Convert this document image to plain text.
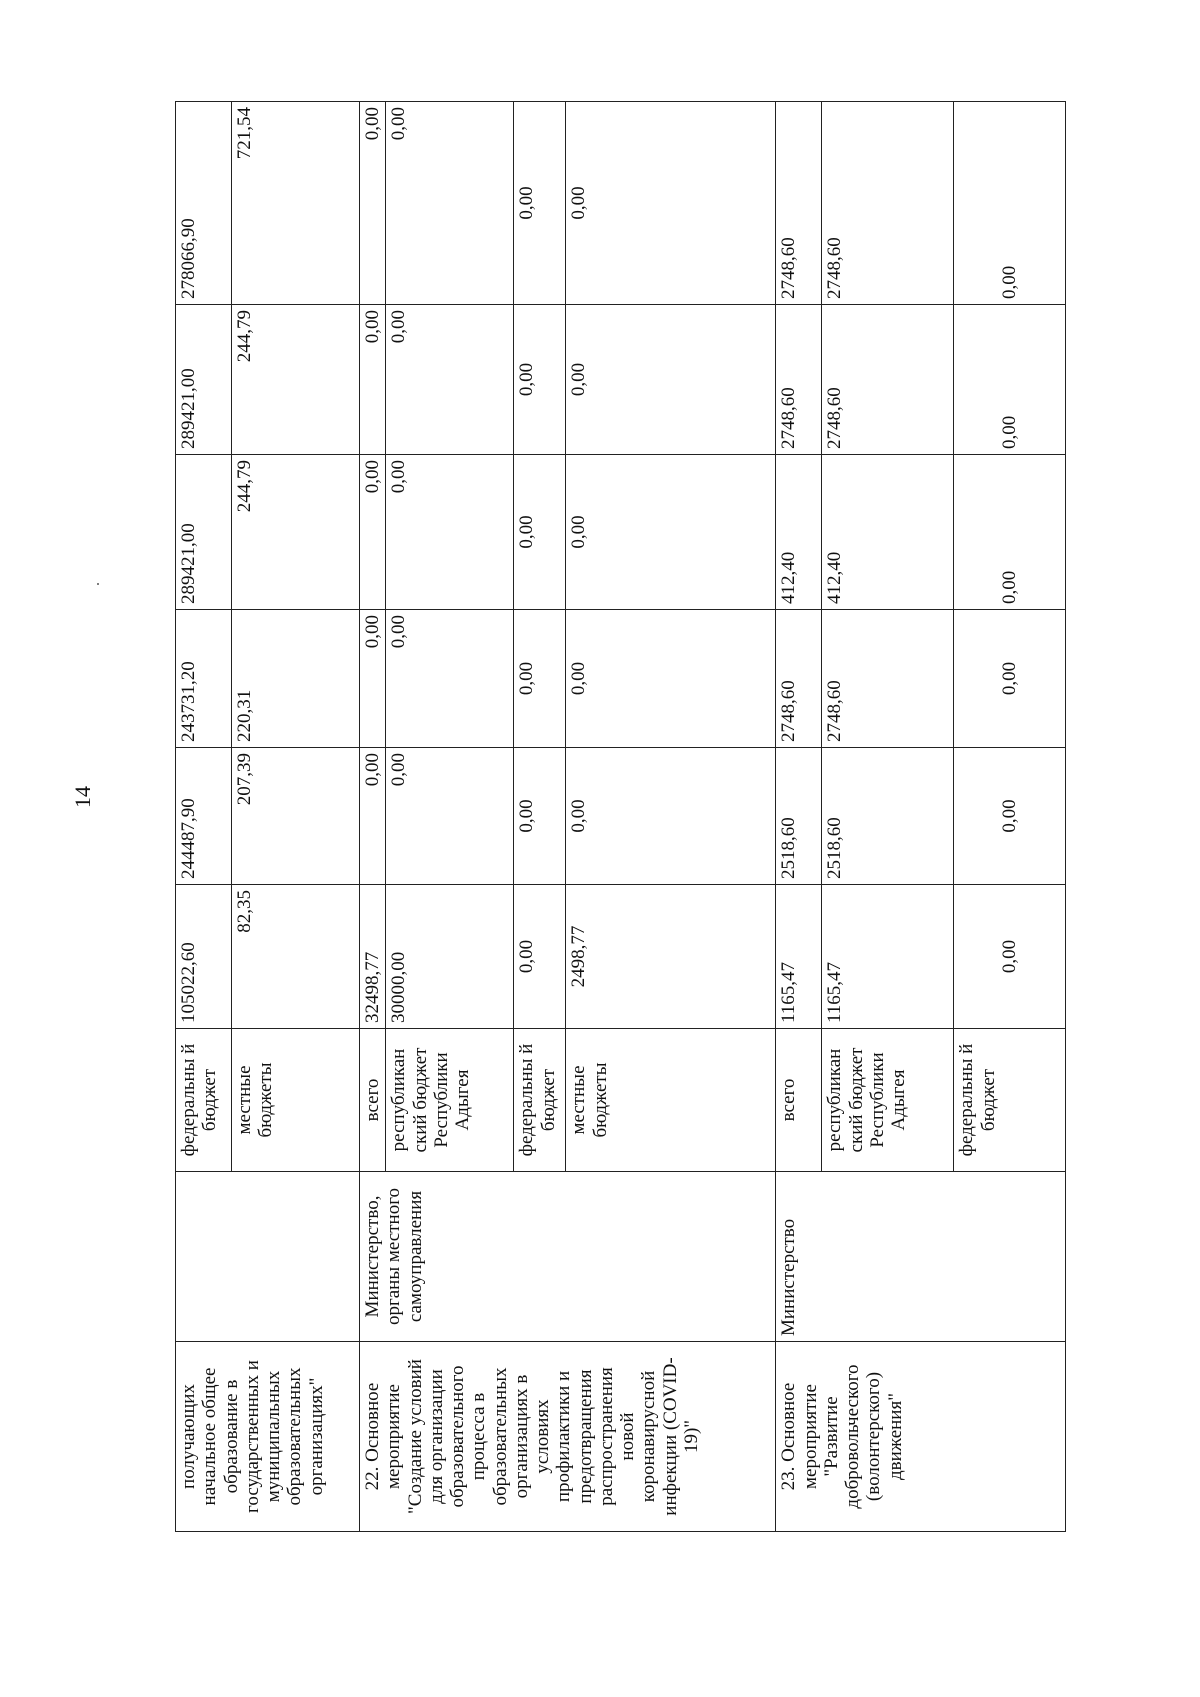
14
получающих начальное общее образование в государственных и муниципальных образовательных организациях"		федеральны й бюджет	105022,60	244487,90	243731,20	289421,00	289421,00	278066,90
		местные бюджеты	82,35	207,39	220,31	244,79	244,79	721,54
22. Основное мероприятие "Создание условий для организации образовательного процесса в образовательных организациях в условиях профилактики и предотвращения распространения новой коронавирусной инфекции (COVID-19)"	Министерство, органы местного самоуправления	всего	32498,77	0,00	0,00	0,00	0,00	0,00
		республикан ский бюджет Республики Адыгея	30000,00	0,00	0,00	0,00	0,00	0,00
		федеральны й бюджет	0,00	0,00	0,00	0,00	0,00	0,00
		местные бюджеты	2498,77	0,00	0,00	0,00	0,00	0,00
23. Основное мероприятие "Развитие добровольческого (волонтерского) движения"	Министерство	всего	1165,47	2518,60	2748,60	412,40	2748,60	2748,60
		республикан ский бюджет Республики Адыгея	1165,47	2518,60	2748,60	412,40	2748,60	2748,60
		федеральны й бюджет	0,00	0,00	0,00	0,00	0,00	0,00
